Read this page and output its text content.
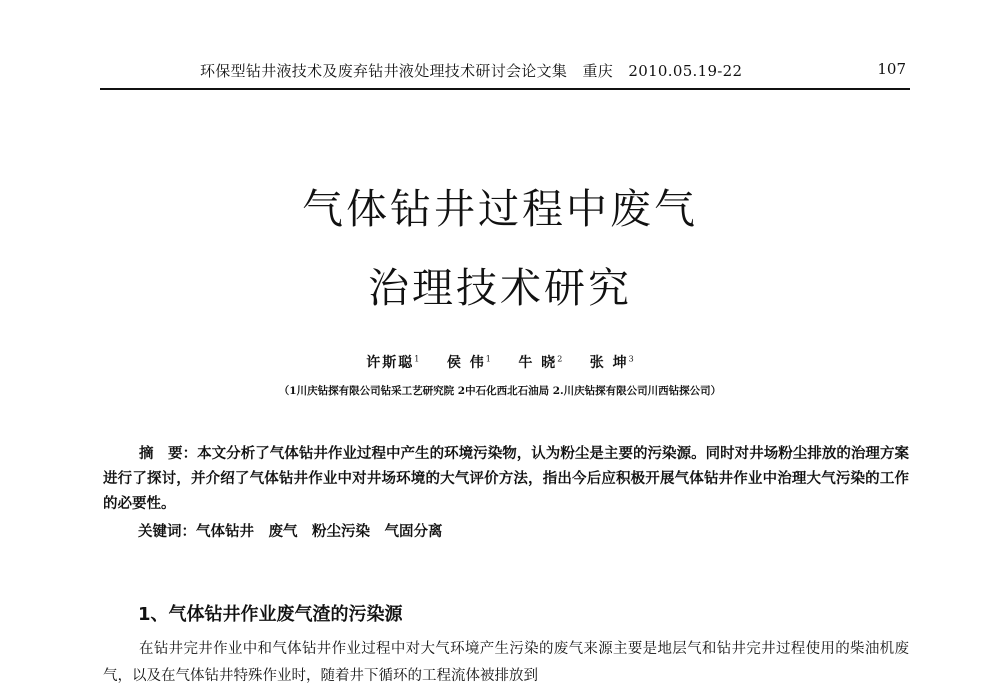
环保型钻井液技术及废弃钻井液处理技术研讨会论文集　重庆　2010.05.19-22	107
气体钻井过程中废气
治理技术研究
许斯聪$^1$ 侯 伟$^1$ 牛 晓$^2$ 张 坤$^3$
（1川庆钻探有限公司钻采工艺研究院 2中石化西北石油局 2.川庆钻探有限公司川西钻探公司）

摘　要：本文分析了气体钻井作业过程中产生的环境污染物，认为粉尘是主要的污染源。同时对井场粉尘排放的治理方案进行了探讨，并介绍了气体钻井作业中对井场环境的大气评价方法，指出今后应积极开展气体钻井作业中治理大气污染的工作的必要性。

关键词：气体钻井　废气　粉尘污染　气固分离
1、气体钻井作业废气渣的污染源
在钻井完井作业中和气体钻井作业过程中对大气环境产生污染的废气来源主要是地层气和钻井完井过程使用的柴油机废气，以及在气体钻井特殊作业时，随着井下循环的工程流体被排放到
